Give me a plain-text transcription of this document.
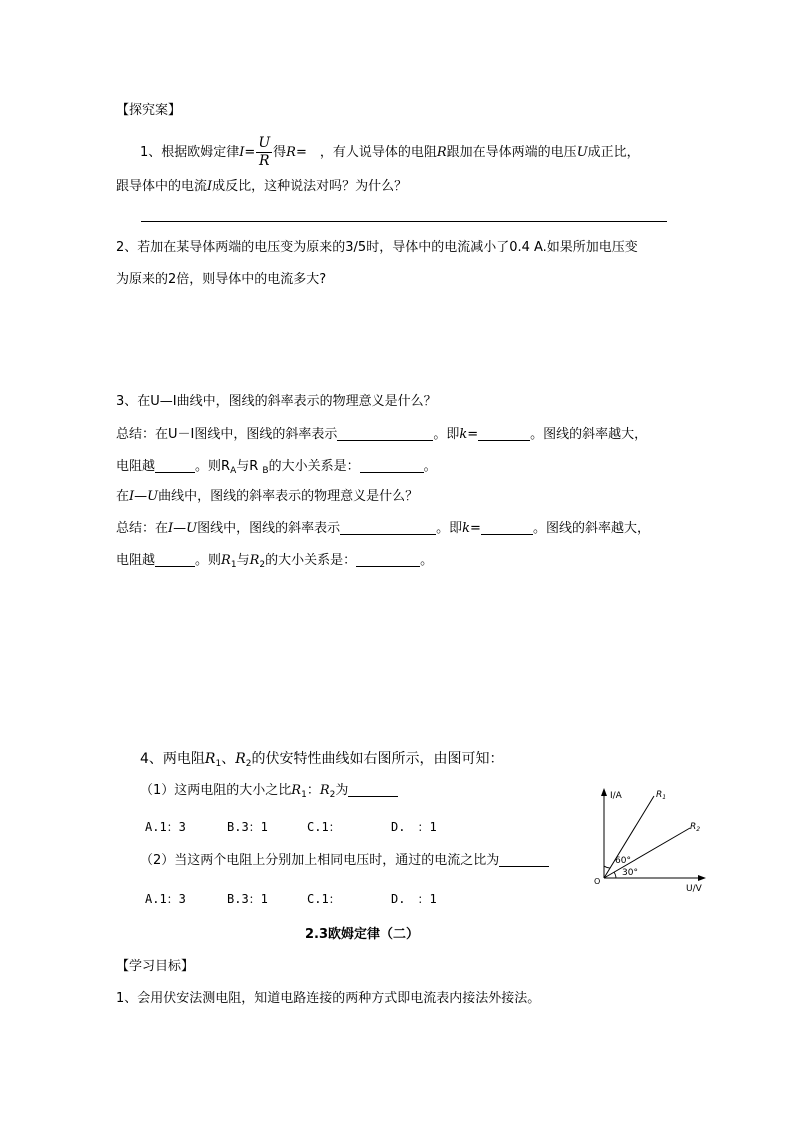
【探究案】
1、根据欧姆定律$I= \frac{U}{R}$ 得R=　，有人说导体的电阻R跟加在导体两端的电压U成正比，
跟导体中的电流I成反比，这种说法对吗？为什么？
2、若加在某导体两端的电压变为原来的3/5时，导体中的电流减小了0.4 A.如果所加电压变
为原来的2倍，则导体中的电流多大?
3、在U—I曲线中，图线的斜率表示的物理意义是什么？
总结：在U－I图线中，图线的斜率表示	。即k=	。图线的斜率越大，
电阻越	。则$R_A$与R $_B$的大小关系是：	。
在I—U曲线中，图线的斜率表示的物理意义是什么？
总结：在I—U图线中，图线的斜率表示	。即k=	。图线的斜率越大，
电阻越	。则$R_1$与$R_2$的大小关系是：	。
4、两电阻$R_1$、$R_2$的伏安特性曲线如右图所示，由图可知：
（1）这两电阻的大小之比$R_1$：$R_2$为
A.1：3	B.3：1	C.1：	D.　：1
（2）当这两个电阻上分别加上相同电压时，通过的电流之比为
A.1：3	B.3：1	C.1：	D.　：1
I/A
U/V
O
$R_1$
$R_2$
60°
30°
2.3欧姆定律（二）
【学习目标】
1、会用伏安法测电阻，知道电路连接的两种方式即电流表内接法外接法。
